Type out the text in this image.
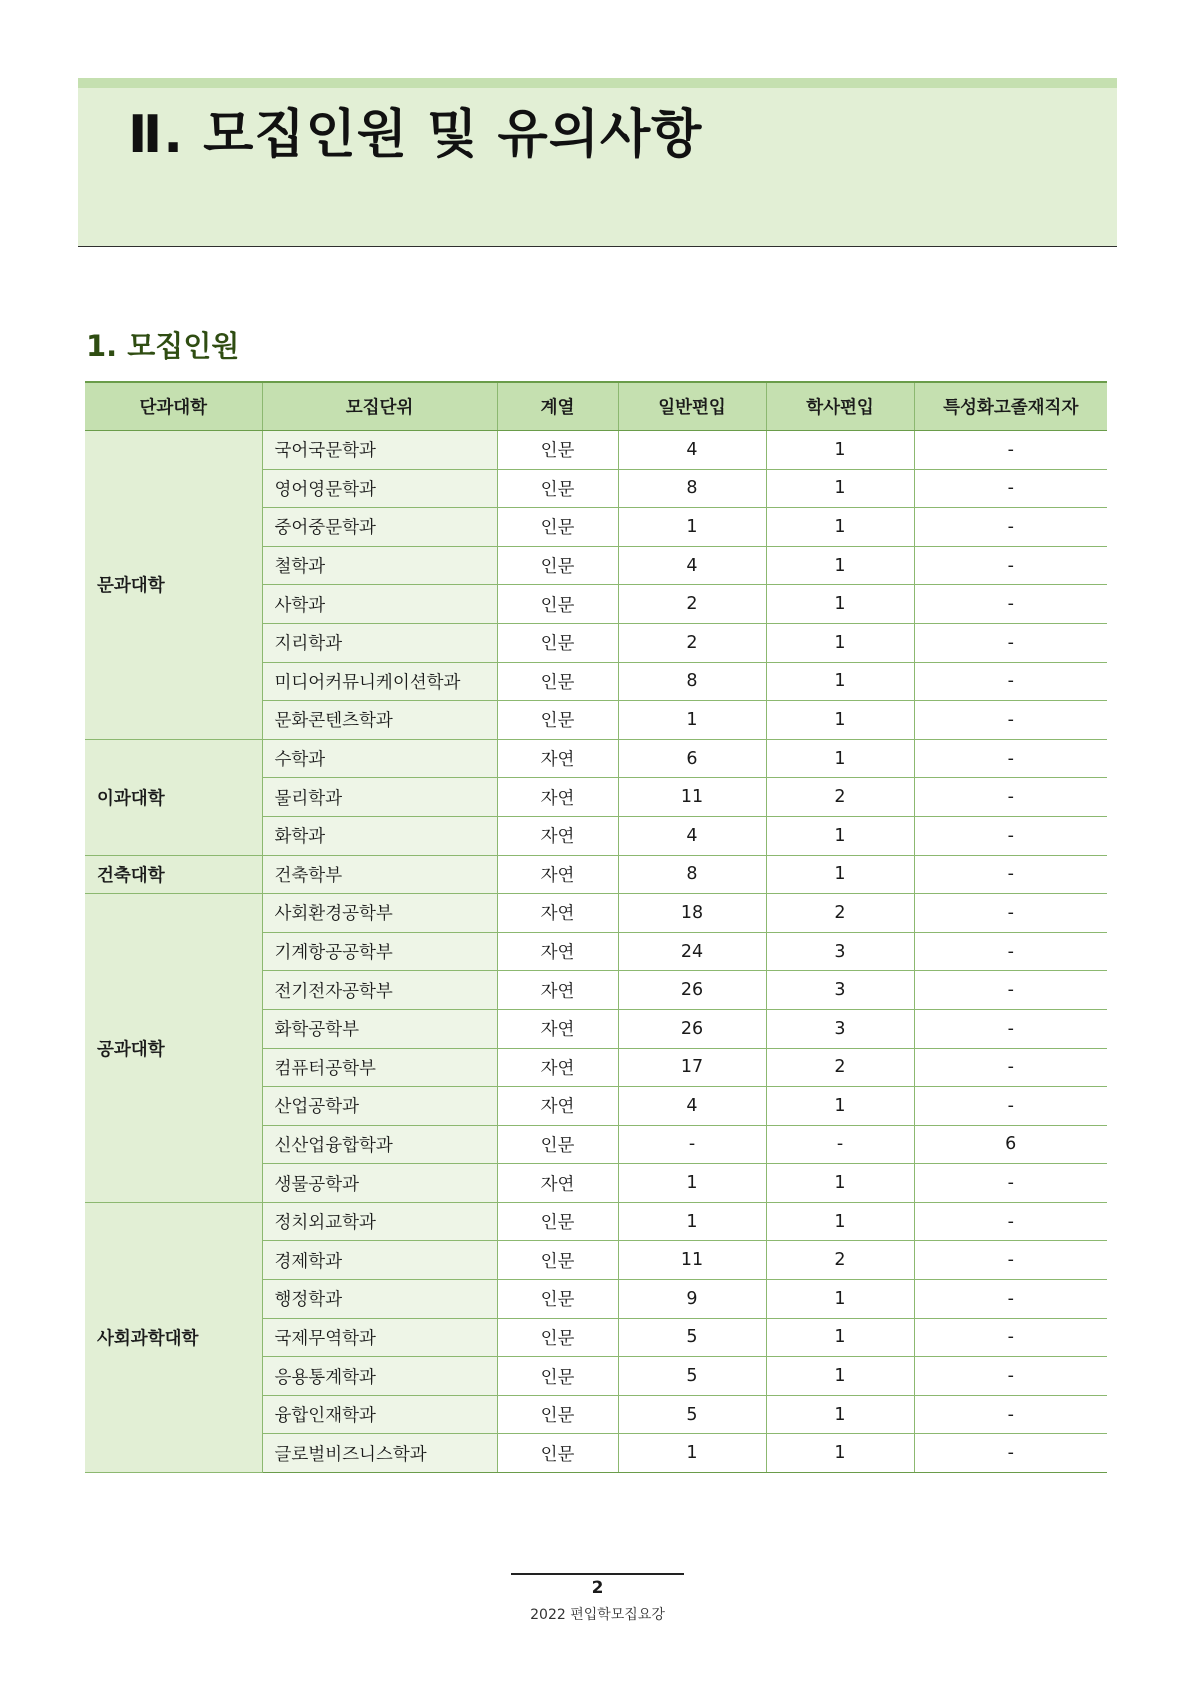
Ⅱ. 모집인원 및 유의사항
1. 모집인원
단과대학	모집단위	계열	일반편입	학사편입	특성화고졸재직자
문과대학	국어국문학과	인문	4	1	-
	영어영문학과	인문	8	1	-
	중어중문학과	인문	1	1	-
	철학과	인문	4	1	-
	사학과	인문	2	1	-
	지리학과	인문	2	1	-
	미디어커뮤니케이션학과	인문	8	1	-
	문화콘텐츠학과	인문	1	1	-
이과대학	수학과	자연	6	1	-
	물리학과	자연	11	2	-
	화학과	자연	4	1	-
건축대학	건축학부	자연	8	1	-
공과대학	사회환경공학부	자연	18	2	-
	기계항공공학부	자연	24	3	-
	전기전자공학부	자연	26	3	-
	화학공학부	자연	26	3	-
	컴퓨터공학부	자연	17	2	-
	산업공학과	자연	4	1	-
	신산업융합학과	인문	-	-	6
	생물공학과	자연	1	1	-
사회과학대학	정치외교학과	인문	1	1	-
	경제학과	인문	11	2	-
	행정학과	인문	9	1	-
	국제무역학과	인문	5	1	-
	응용통계학과	인문	5	1	-
	융합인재학과	인문	5	1	-
	글로벌비즈니스학과	인문	1	1	-
2
2022 편입학모집요강
